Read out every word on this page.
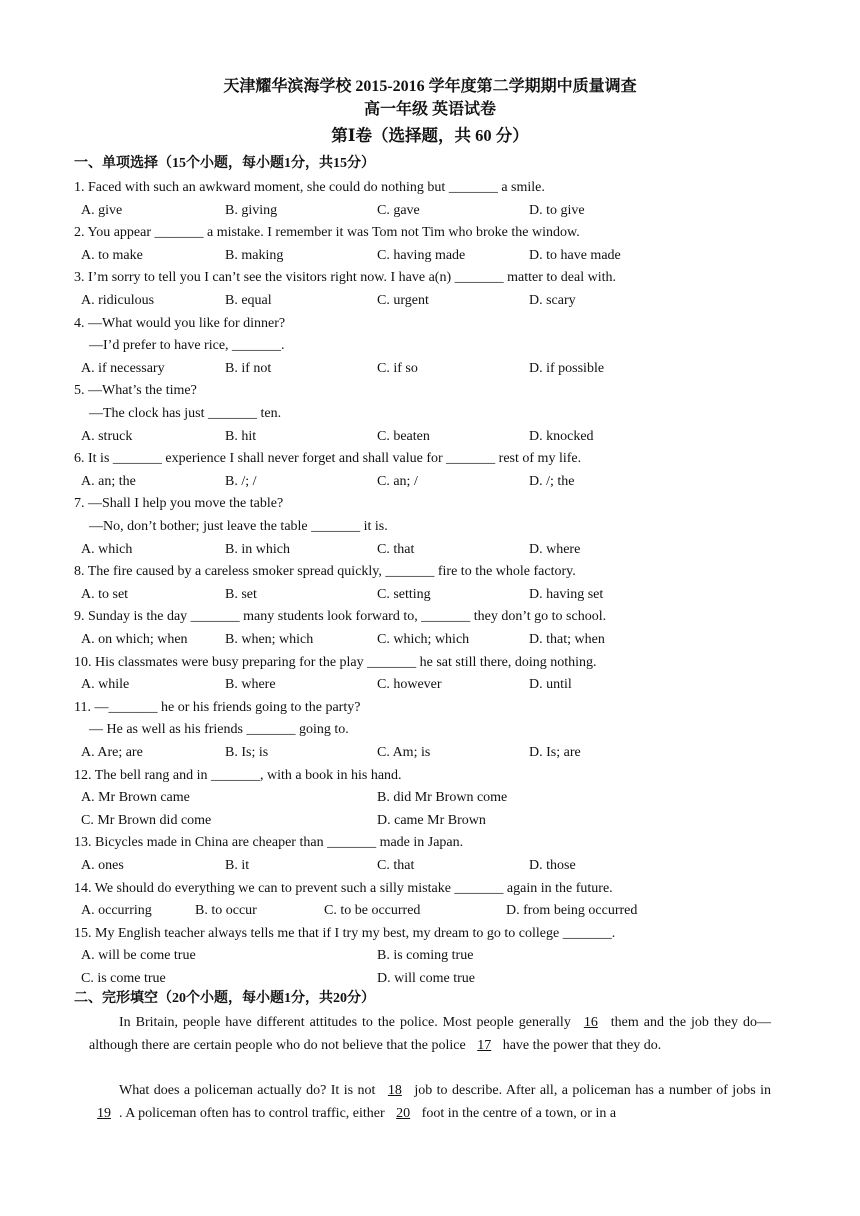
天津耀华滨海学校 2015-2016 学年度第二学期期中质量调查
高一年级 英语试卷
第Ⅰ卷（选择题，共 60 分）
一、单项选择（15个小题，每小题1分，共15分）
1. Faced with such an awkward moment, she could do nothing but _______ a smile.
A. give	B. giving	C. gave	D. to give
2. You appear _______ a mistake. I remember it was Tom not Tim who broke the window.
A. to make	B. making	C. having made	D. to have made
3. I’m sorry to tell you I can’t see the visitors right now. I have a(n) _______ matter to deal with.
A. ridiculous	B. equal	C. urgent	D. scary
4. —What would you like for dinner?
—I’d prefer to have rice, _______.
A. if necessary	B. if not	C. if so	D. if possible
5. —What’s the time?
—The clock has just _______ ten.
A. struck	B. hit	C. beaten	D. knocked
6. It is _______ experience I shall never forget and shall value for _______ rest of my life.
A. an; the	B. /; /	C. an; /	D. /; the
7. —Shall I help you move the table?
—No, don’t bother; just leave the table _______ it is.
A. which	B. in which	C. that	D. where
8. The fire caused by a careless smoker spread quickly, _______ fire to the whole factory.
A. to set	B. set	C. setting	D. having set
9. Sunday is the day _______ many students look forward to, _______ they don’t go to school.
A. on which; when	B. when; which	C. which; which	D. that; when
10. His classmates were busy preparing for the play _______ he sat still there, doing nothing.
A. while	B. where	C. however	D. until
11. —_______ he or his friends going to the party?
— He as well as his friends _______ going to.
A. Are; are	B. Is; is	C. Am; is	D. Is; are
12. The bell rang and in _______, with a book in his hand.
A. Mr Brown came	B. did Mr Brown come
C. Mr Brown did come	D. came Mr Brown
13. Bicycles made in China are cheaper than _______ made in Japan.
A. ones	B. it	C. that	D. those
14. We should do everything we can to prevent such a silly mistake _______ again in the future.
A. occurring	B. to occur	C. to be occurred	D. from being occurred
15. My English teacher always tells me that if I try my best, my dream to go to college _______.
A. will be come true	B. is coming true
C. is come true	D. will come true
二、完形填空（20个小题，每小题1分，共20分）
In Britain, people have different attitudes to the police. Most people generally 16 them and the job they do—although there are certain people who do not believe that the police 17 have the power that they do.
What does a policeman actually do? It is not 18 job to describe. After all, a policeman has a number of jobs in 19 . A policeman often has to control traffic, either 20 foot in the centre of a town, or in a
